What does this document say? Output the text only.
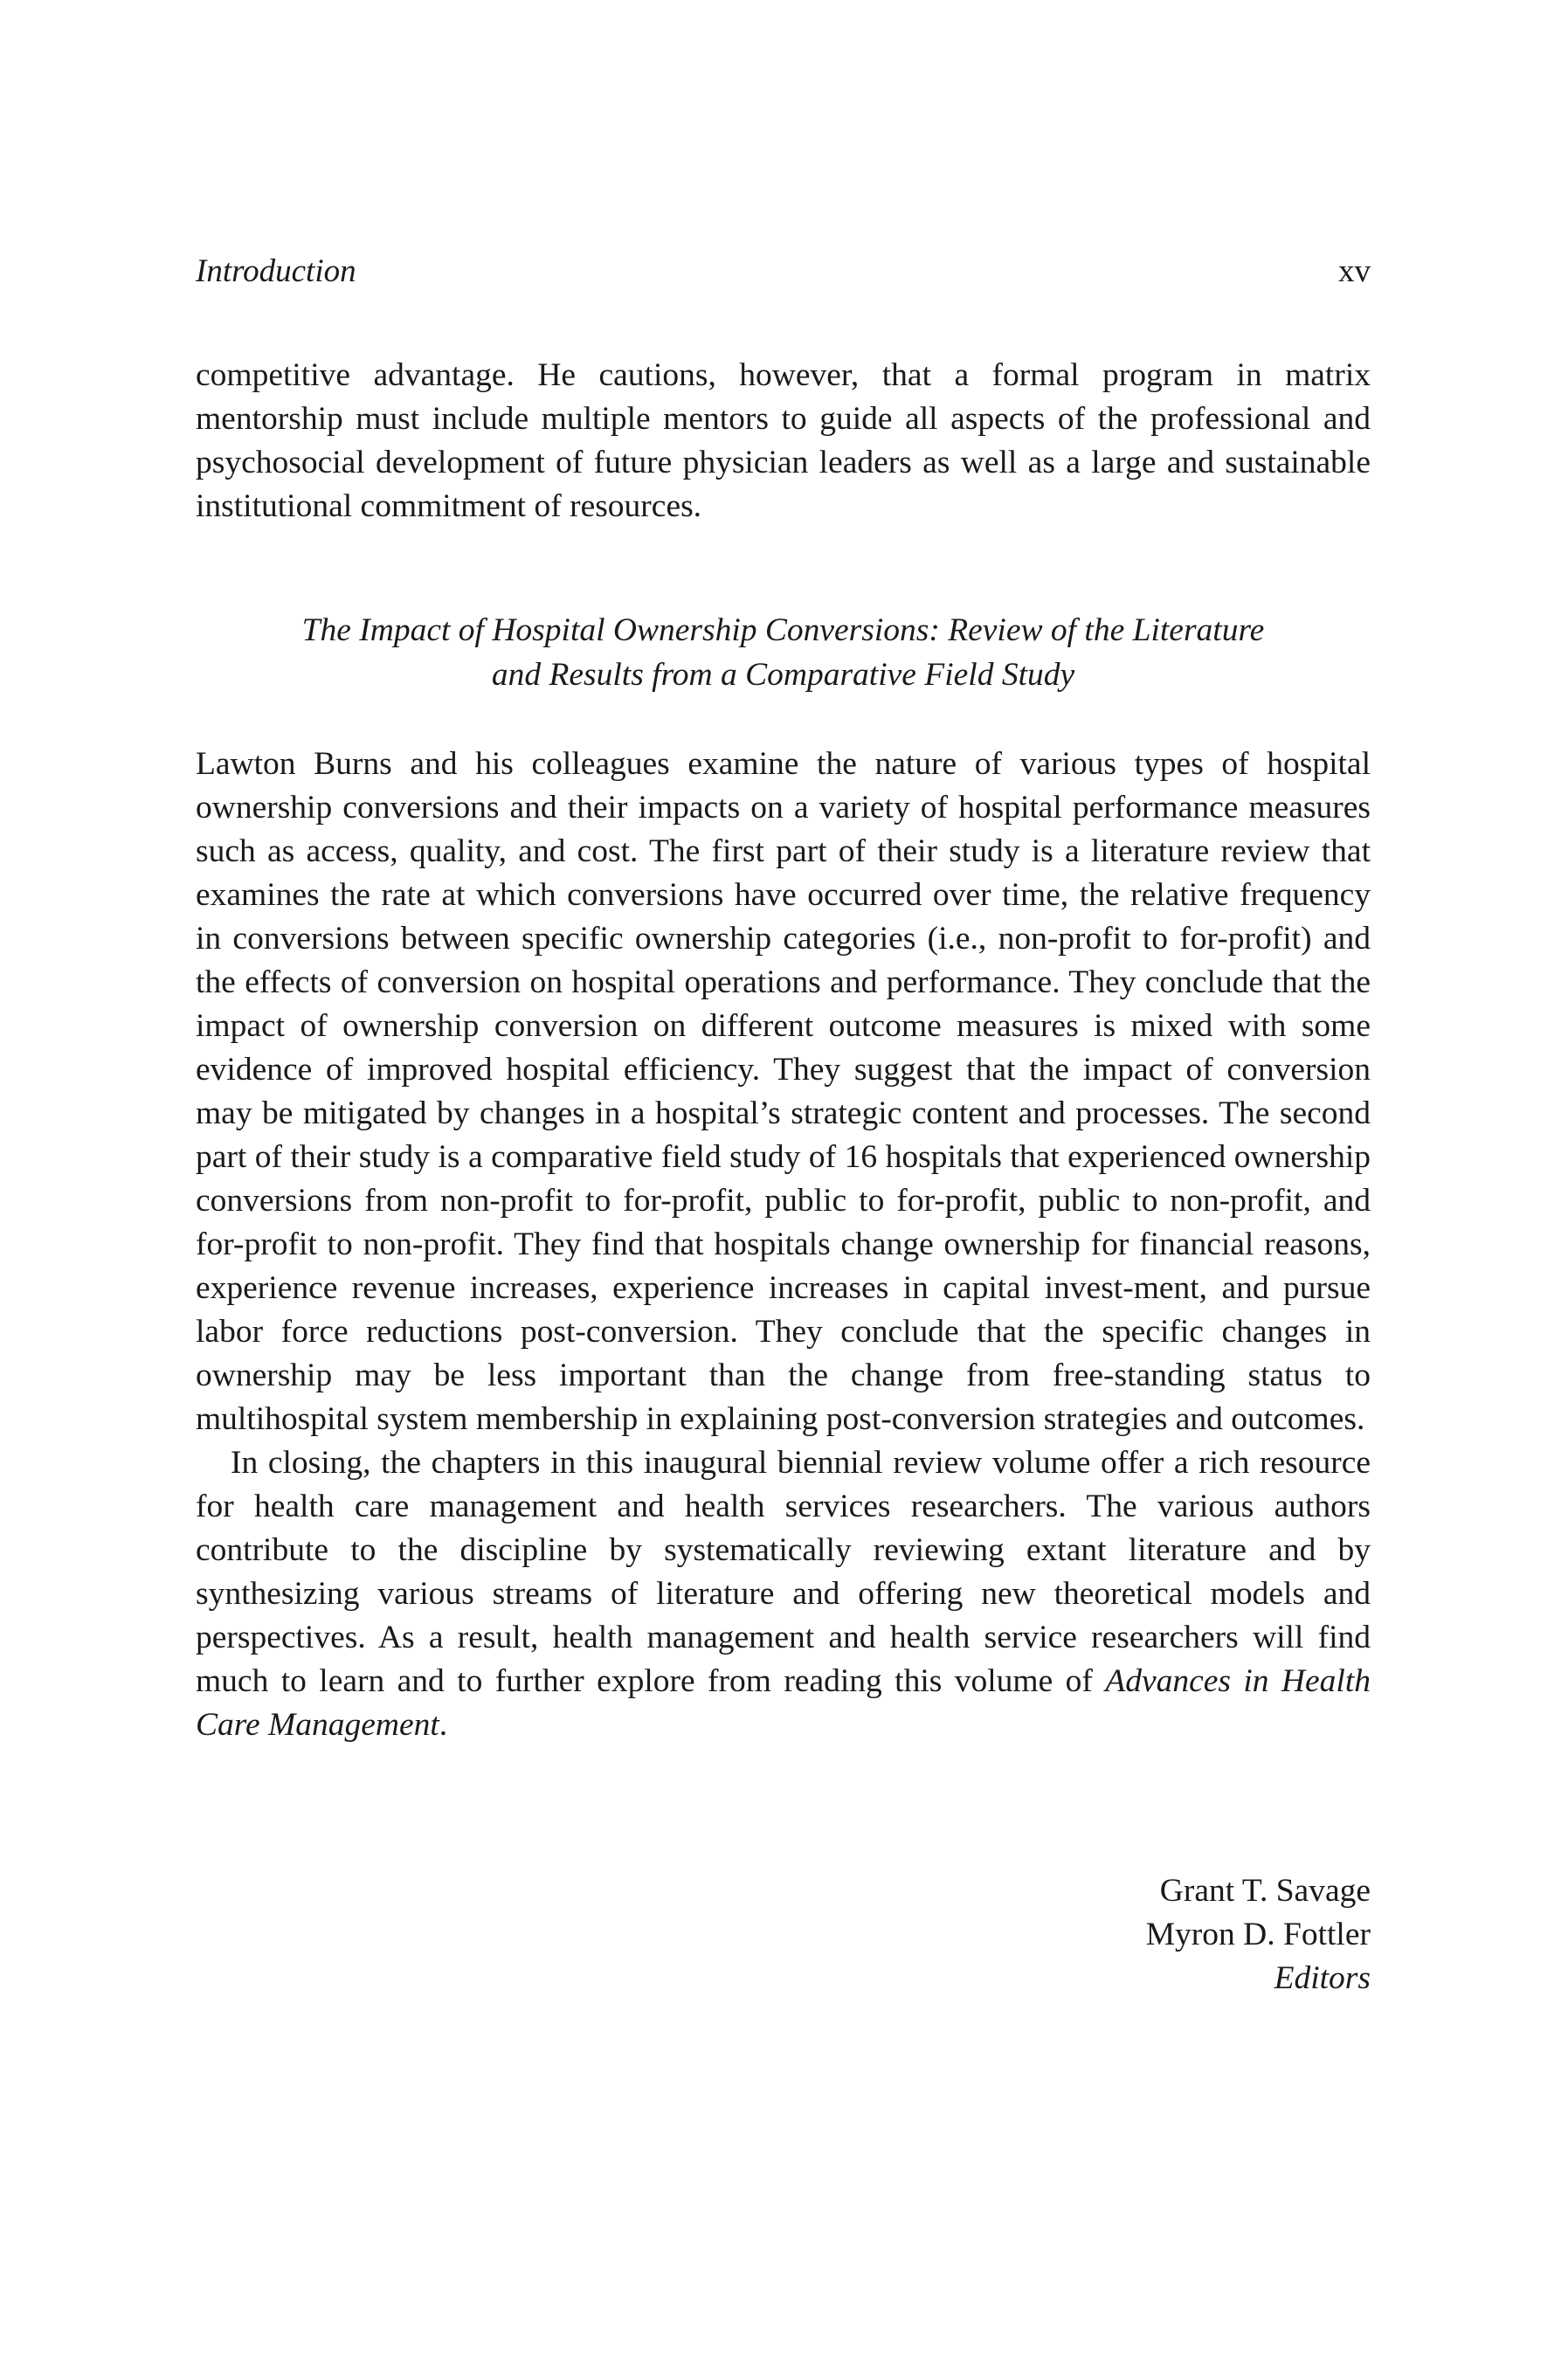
Introduction	xv

competitive advantage. He cautions, however, that a formal program in matrix mentorship must include multiple mentors to guide all aspects of the professional and psychosocial development of future physician leaders as well as a large and sustainable institutional commitment of resources.

The Impact of Hospital Ownership Conversions: Review of the Literature
and Results from a Comparative Field Study

Lawton Burns and his colleagues examine the nature of various types of hospital ownership conversions and their impacts on a variety of hospital performance measures such as access, quality, and cost. The first part of their study is a literature review that examines the rate at which conversions have occurred over time, the relative frequency in conversions between specific ownership categories (i.e., non-profit to for-profit) and the effects of conversion on hospital operations and performance. They conclude that the impact of ownership conversion on different outcome measures is mixed with some evidence of improved hospital efficiency. They suggest that the impact of conversion may be mitigated by changes in a hospital’s strategic content and processes. The second part of their study is a comparative field study of 16 hospitals that experienced ownership conversions from non-profit to for-profit, public to for-profit, public to non-profit, and for-profit to non-profit. They find that hospitals change ownership for financial reasons, experience revenue increases, experience increases in capital invest-ment, and pursue labor force reductions post-conversion. They conclude that the specific changes in ownership may be less important than the change from free-standing status to multihospital system membership in explaining post-conversion strategies and outcomes.

In closing, the chapters in this inaugural biennial review volume offer a rich resource for health care management and health services researchers. The various authors contribute to the discipline by systematically reviewing extant literature and by synthesizing various streams of literature and offering new theoretical models and perspectives. As a result, health management and health service researchers will find much to learn and to further explore from reading this volume of Advances in Health Care Management.

Grant T. Savage
Myron D. Fottler
Editors
